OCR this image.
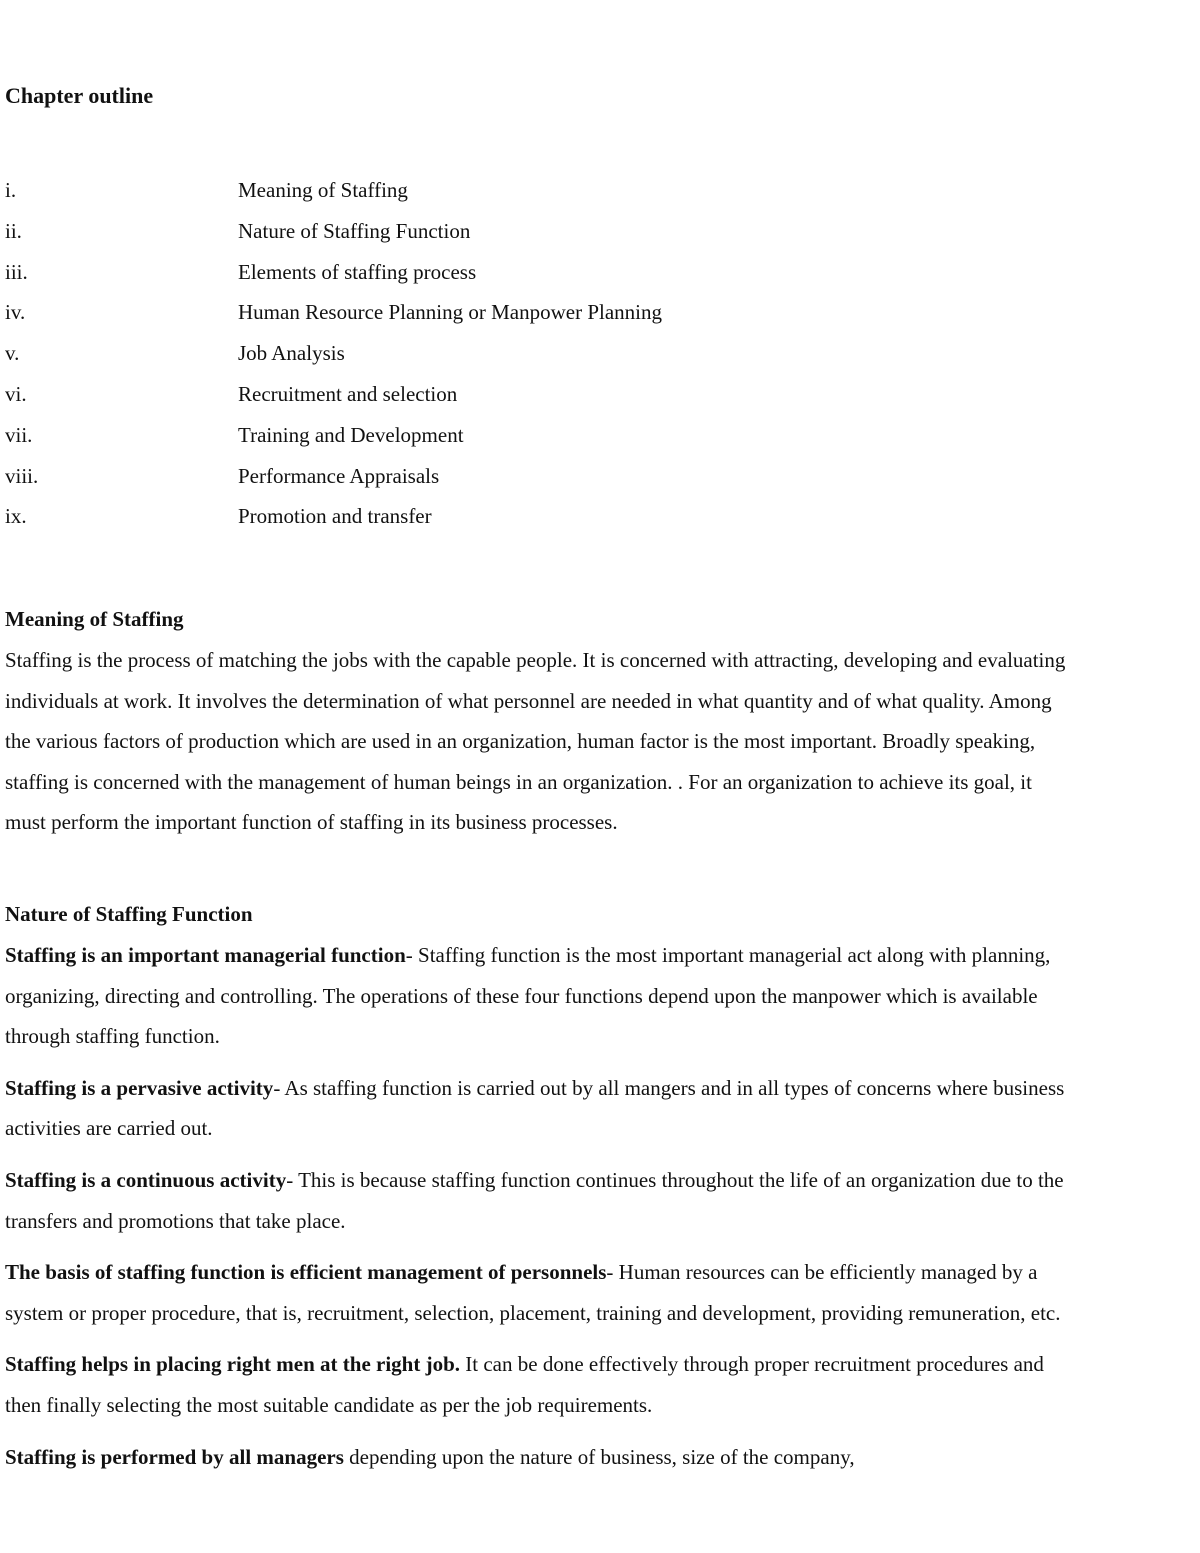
Chapter outline
i.	Meaning of Staffing
ii.	Nature of Staffing Function
iii.	Elements of staffing process
iv.	Human Resource Planning or Manpower Planning
v.	Job Analysis
vi.	Recruitment and selection
vii.	Training and Development
viii.	Performance Appraisals
ix.	Promotion and transfer
Meaning of Staffing

Staffing is the process of matching the jobs with the capable people. It is concerned with attracting, developing and evaluating individuals at work. It involves the determination of what personnel are needed in what quantity and of what quality. Among the various factors of production which are used in an organization, human factor is the most important. Broadly speaking, staffing is concerned with the management of human beings in an organization. . For an organization to achieve its goal, it must perform the important function of staffing in its business processes.

Nature of Staffing Function

Staffing is an important managerial function- Staffing function is the most important managerial act along with planning, organizing, directing and controlling. The operations of these four functions depend upon the manpower which is available through staffing function.

Staffing is a pervasive activity- As staffing function is carried out by all mangers and in all types of concerns where business activities are carried out.

Staffing is a continuous activity- This is because staffing function continues throughout the life of an organization due to the transfers and promotions that take place.

The basis of staffing function is efficient management of personnels- Human resources can be efficiently managed by a system or proper procedure, that is, recruitment, selection, placement, training and development, providing remuneration, etc.

Staffing helps in placing right men at the right job. It can be done effectively through proper recruitment procedures and then finally selecting the most suitable candidate as per the job requirements.

Staffing is performed by all managers depending upon the nature of business, size of the company,
